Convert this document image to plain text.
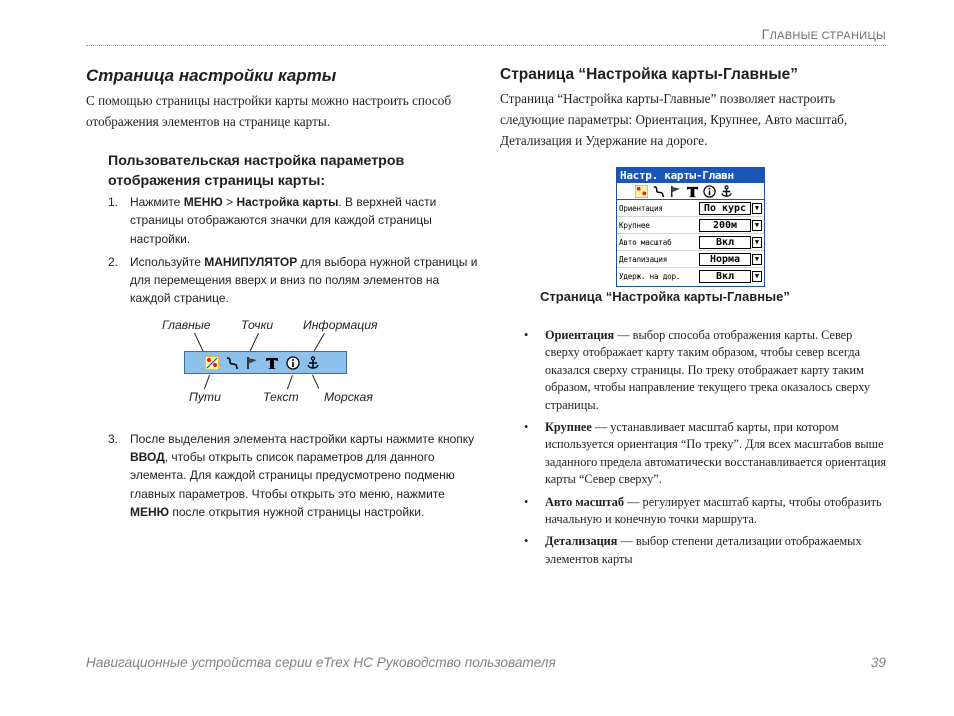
ГЛАВНЫЕ СТРАНИЦЫ
Страница настройки карты

С помощью страницы настройки карты можно настроить способ отображения элементов на странице карты.

Пользовательская настройка параметров отображения страницы карты:
1. Нажмите МЕНЮ > Настройка карты. В верхней части страницы отображаются значки для каждой страницы настройки.
2. Используйте МАНИПУЛЯТОР для выбора нужной страницы и для перемещения вверх и вниз по полям элементов на каждой странице.
Главные Точки Информация
Пути	Текст Морская
3. После выделения элемента настройки карты нажмите кнопку ВВОД, чтобы открыть список параметров для данного элемента. Для каждой страницы предусмотрено подменю главных параметров. Чтобы открыть это меню, нажмите МЕНЮ после открытия нужной страницы настройки.
Страница “Настройка карты-Главные”

Страница “Настройка карты-Главные” позволяет настроить следующие параметры: Ориентация, Крупнее, Авто масштаб, Детализация и Удержание на дороге.

Настр. карты-Главн
Ориентация	По курс	▼
Крупнее	200м	▼
Авто масштаб	Вкл	▼
Детализация	Норма	▼
Удерж. на дор.	Вкл	▼
Страница “Настройка карты-Главные”
• Ориентация — выбор способа отображения карты. Север сверху отображает карту таким образом, чтобы север всегда оказался сверху страницы. По треку отображает карту таким образом, чтобы направление текущего трека оказалось сверху страницы.
• Крупнее — устанавливает масштаб карты, при котором используется ориентация “По треку”. Для всех масштабов выше заданного предела автоматически восстанавливается ориентация карты “Север сверху”.
• Авто масштаб — регулирует масштаб карты, чтобы отобразить начальную и конечную точки маршрута.
• Детализация — выбор степени детализации отображаемых элементов карты
Навигационные устройства серии eTrex HC Руководство пользователя	39
